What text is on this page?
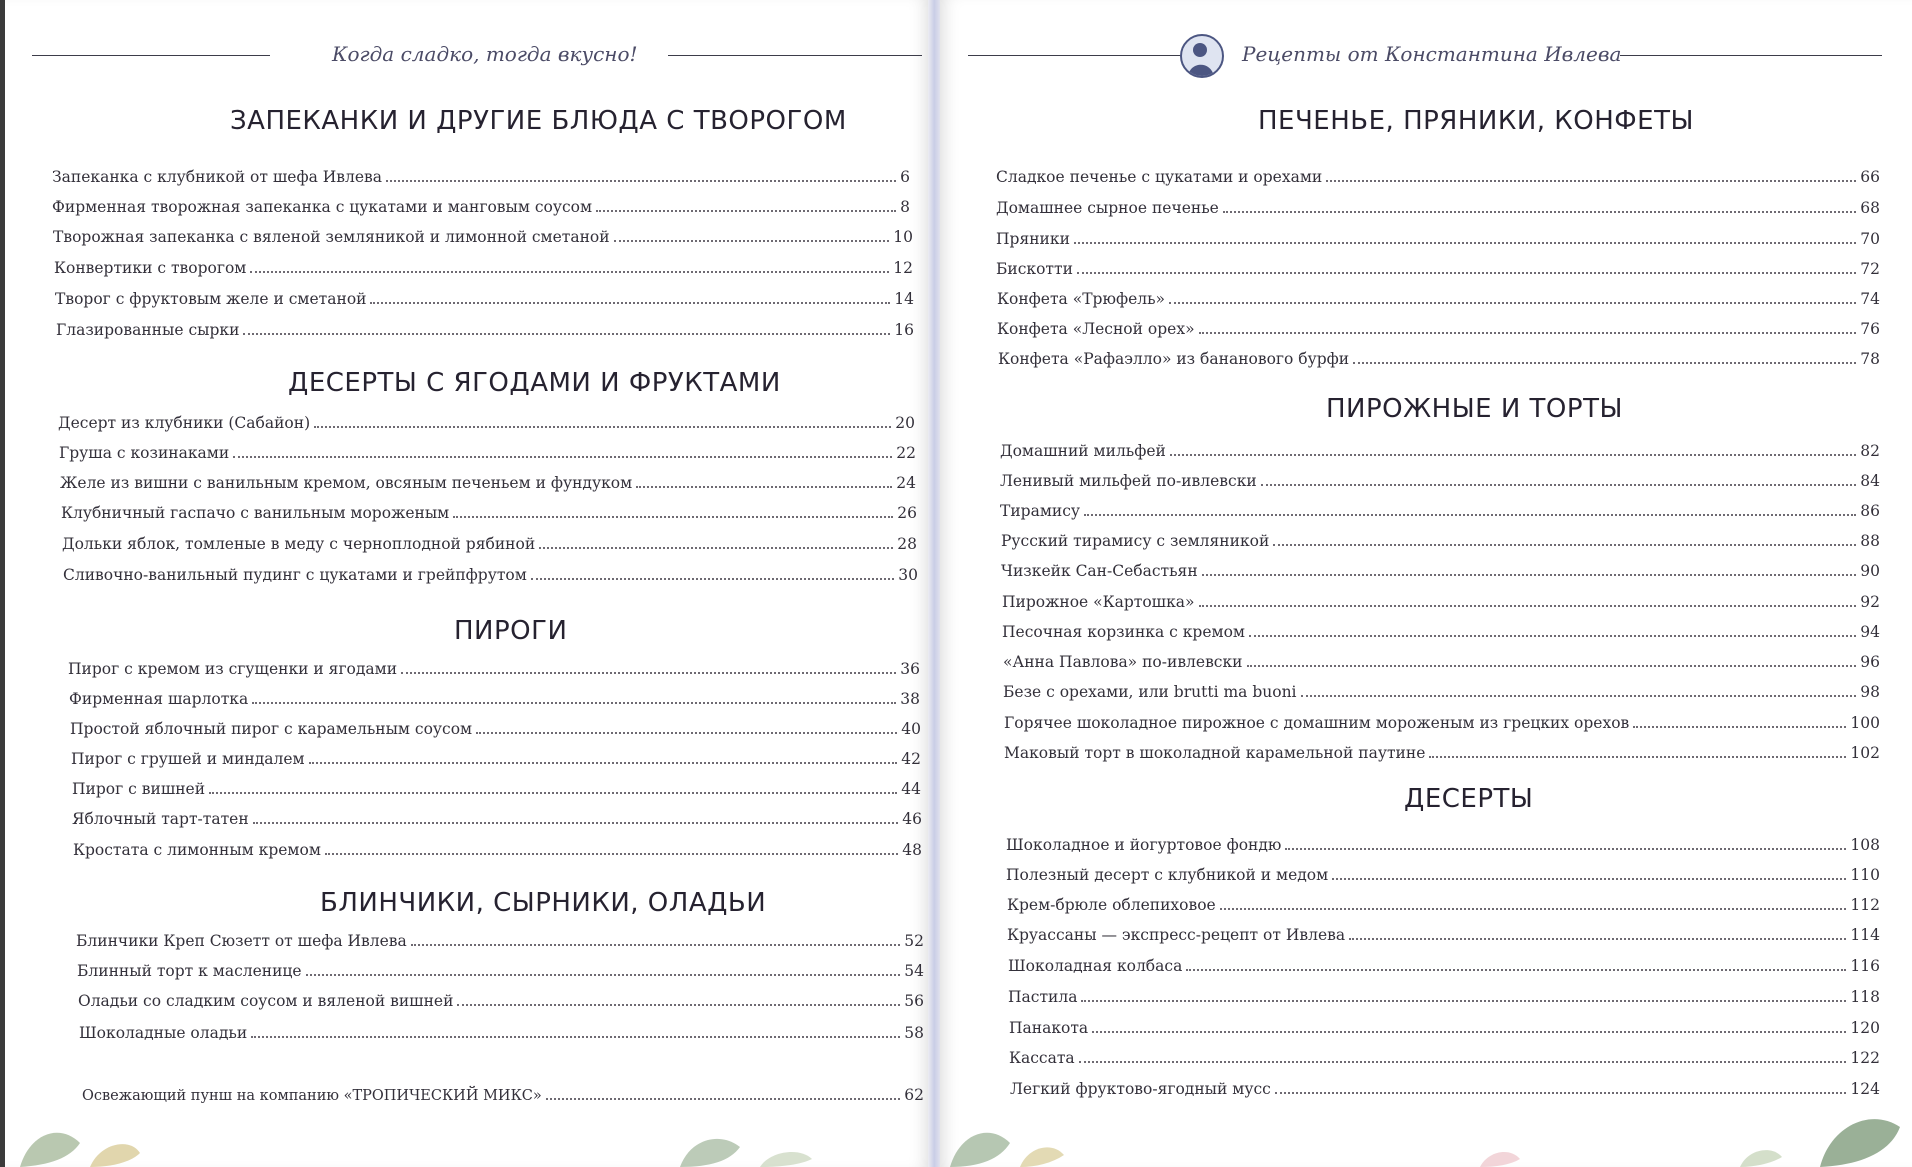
Когда сладко, тогда вкусно!
ЗАПЕКАНКИ И ДРУГИЕ БЛЮДА С ТВОРОГОМ
Запеканка с клубникой от шефа Ивлева	6
Фирменная творожная запеканка с цукатами и манговым соусом	8
Творожная запеканка с вяленой земляникой и лимонной сметаной	10
Конвертики с творогом	12
Творог с фруктовым желе и сметаной	14
Глазированные сырки	16
ДЕСЕРТЫ С ЯГОДАМИ И ФРУКТАМИ
Десерт из клубники (Сабайон)	20
Груша с козинаками	22
Желе из вишни с ванильным кремом, овсяным печеньем и фундуком	24
Клубничный гаспачо с ванильным мороженым	26
Дольки яблок, томленые в меду с черноплодной рябиной	28
Сливочно-ванильный пудинг с цукатами и грейпфрутом	30
ПИРОГИ
Пирог с кремом из сгущенки и ягодами	36
Фирменная шарлотка	38
Простой яблочный пирог с карамельным соусом	40
Пирог с грушей и миндалем	42
Пирог с вишней	44
Яблочный тарт-татен	46
Кростата с лимонным кремом	48
БЛИНЧИКИ, СЫРНИКИ, ОЛАДЬИ
Блинчики Креп Сюзетт от шефа Ивлева	52
Блинный торт к масленице	54
Оладьи со сладким соусом и вяленой вишней	56
Шоколадные оладьи	58
Освежающий пунш на компанию «ТРОПИЧЕСКИЙ МИКС»	62
Рецепты от Константина Ивлева
ПЕЧЕНЬЕ, ПРЯНИКИ, КОНФЕТЫ
Сладкое печенье с цукатами и орехами	66
Домашнее сырное печенье	68
Пряники	70
Бискотти	72
Конфета «Трюфель»	74
Конфета «Лесной орех»	76
Конфета «Рафаэлло» из бананового бурфи	78
ПИРОЖНЫЕ И ТОРТЫ
Домашний мильфей	82
Ленивый мильфей по-ивлевски	84
Тирамису	86
Русский тирамису с земляникой	88
Чизкейк Сан-Себастьян	90
Пирожное «Картошка»	92
Песочная корзинка с кремом	94
«Анна Павлова» по-ивлевски	96
Безе с орехами, или brutti ma buoni	98
Горячее шоколадное пирожное с домашним мороженым из грецких орехов	100
Маковый торт в шоколадной карамельной паутине	102
ДЕСЕРТЫ
Шоколадное и йогуртовое фондю	108
Полезный десерт с клубникой и медом	110
Крем-брюле облепиховое	112
Круассаны — экспресс-рецепт от Ивлева	114
Шоколадная колбаса	116
Пастила	118
Панакота	120
Кассата	122
Легкий фруктово-ягодный мусс	124
